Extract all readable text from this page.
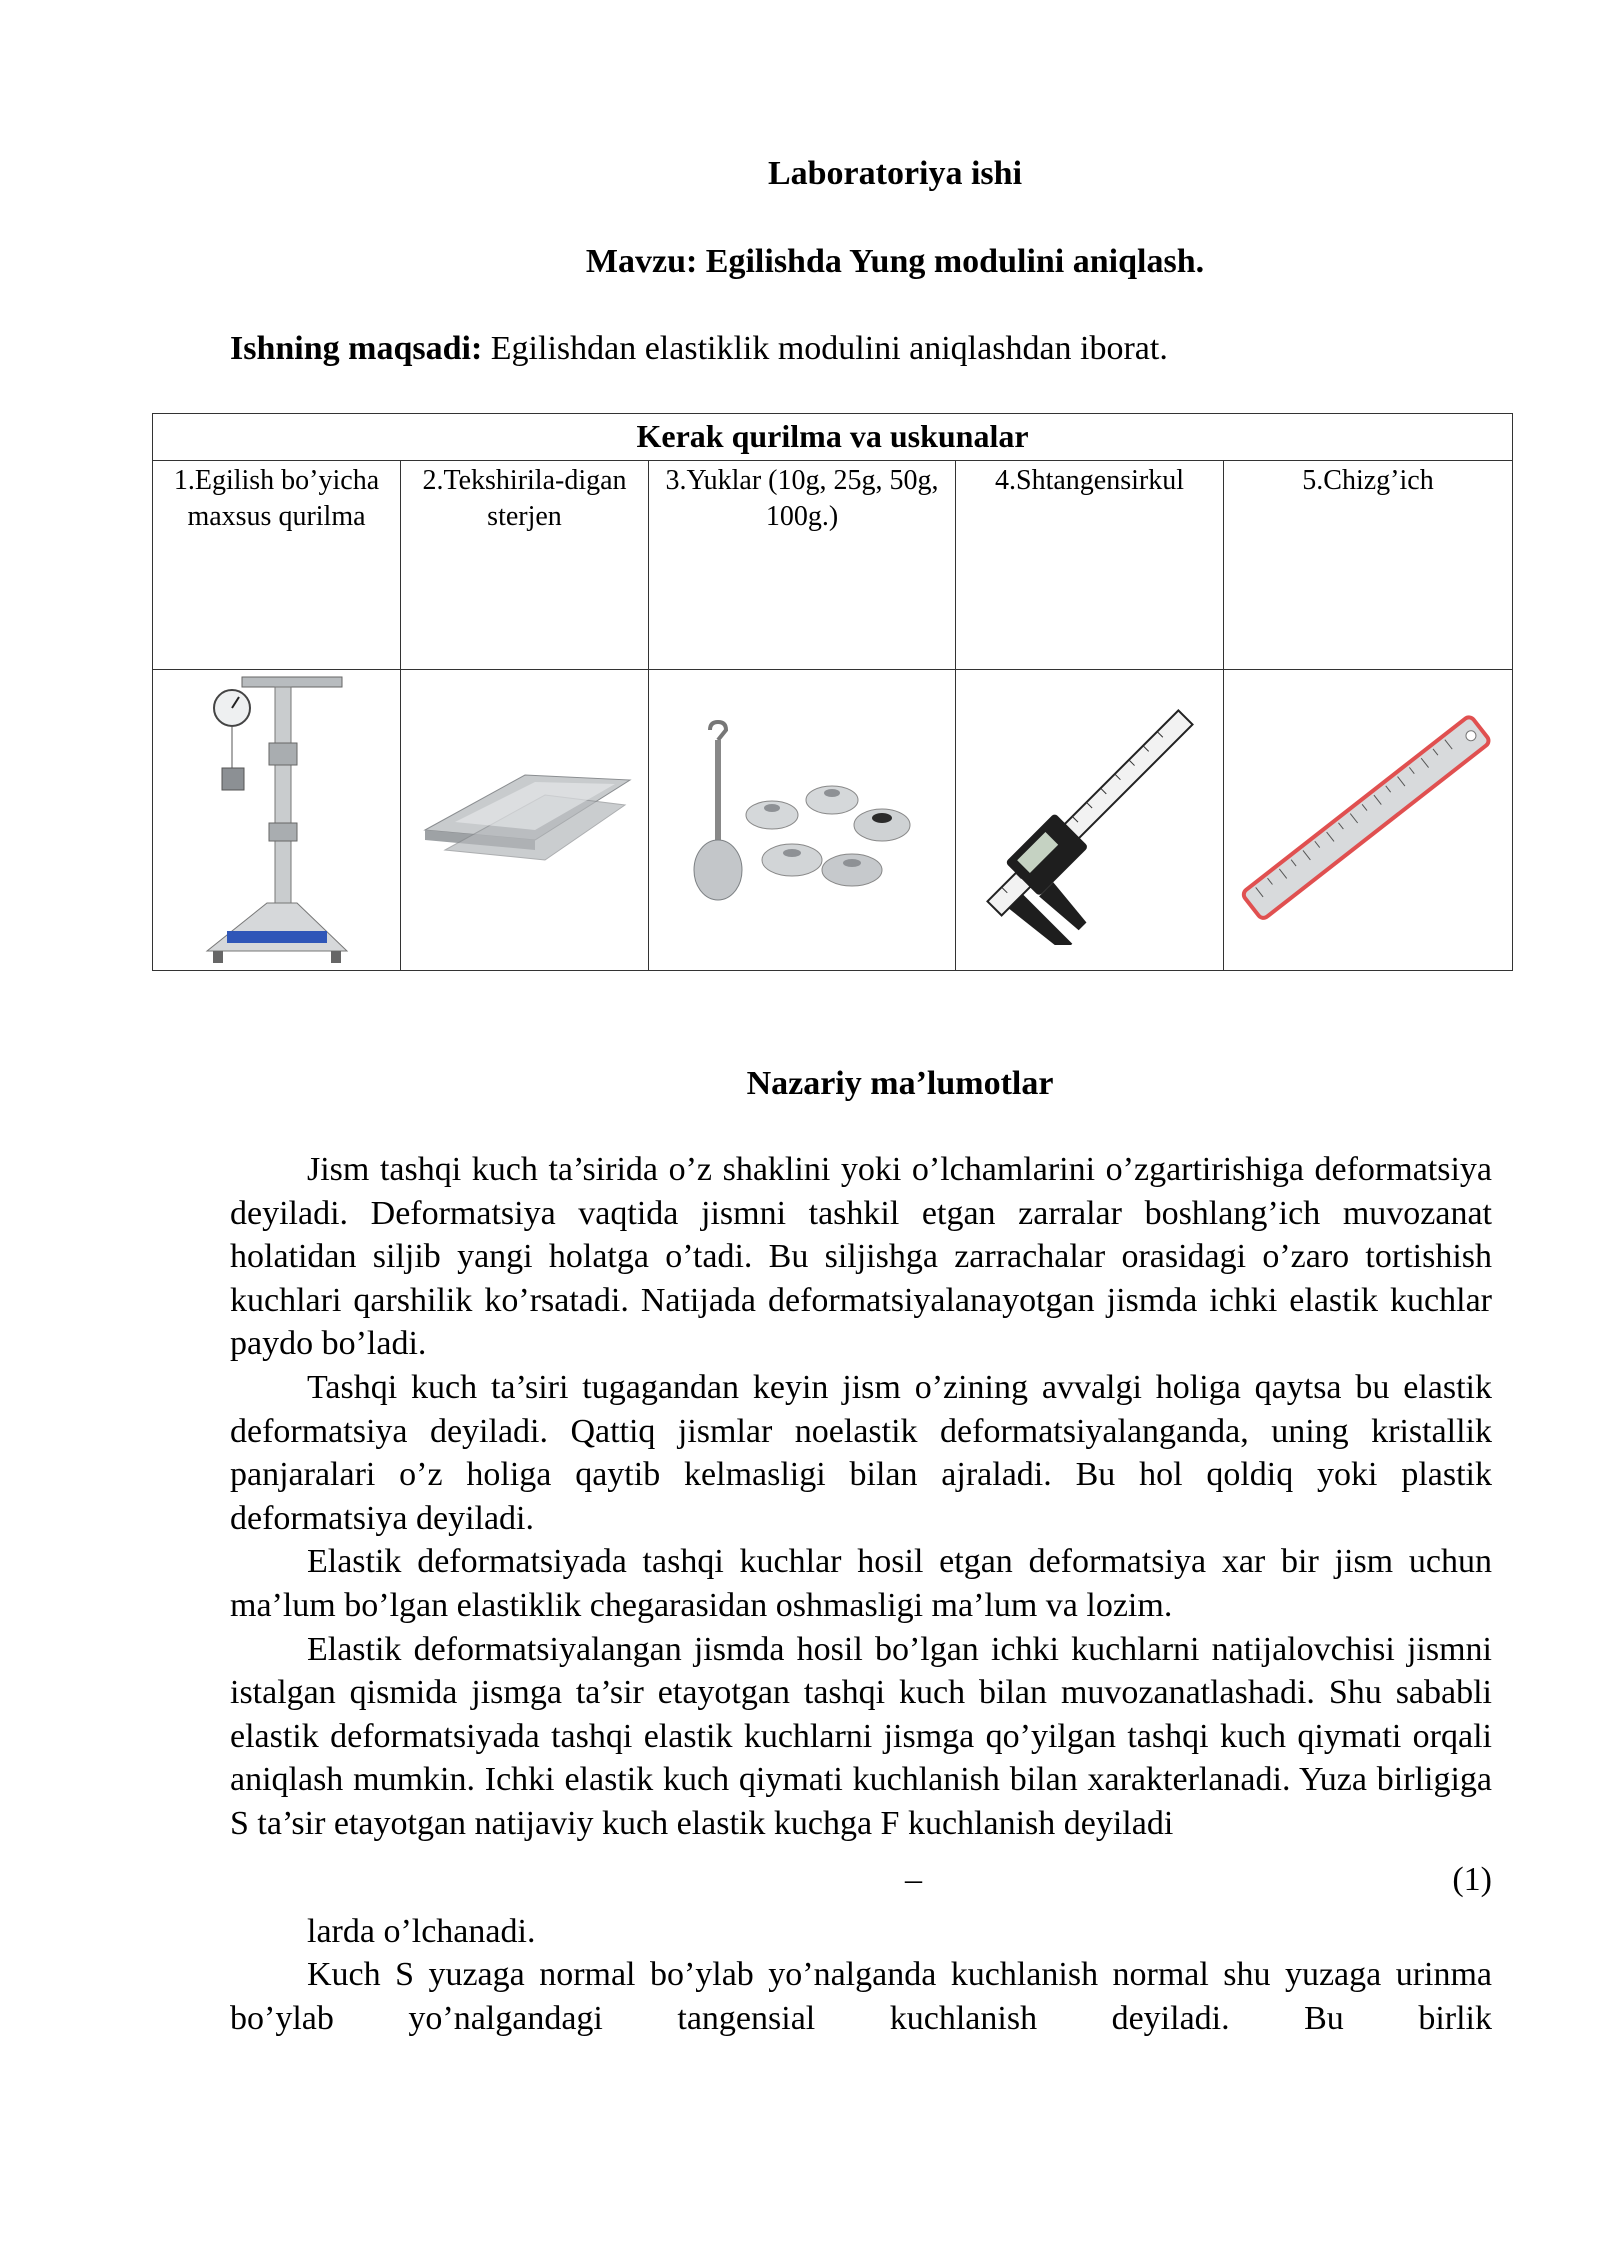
Laboratoriya ishi
Mavzu: Egilishda Yung modulini aniqlash.
Ishning maqsadi: Egilishdan elastiklik modulini aniqlashdan iborat.
Kerak qurilma va uskunalar				
1.Egilish bo’yicha maxsus qurilma	2.Tekshirila-digan sterjen	3.Yuklar (10g, 25g, 50g, 100g.)	4.Shtangensirkul	5.Chizg’ich

Nazariy ma’lumotlar

Jism tashqi kuch ta’sirida o’z shaklini yoki o’lchamlarini o’zgartirishiga deformatsiya deyiladi. Deformatsiya vaqtida jismni tashkil etgan zarralar boshlang’ich muvozanat holatidan siljib yangi holatga o’tadi. Bu siljishga zarrachalar orasidagi o’zaro tortishish kuchlari qarshilik ko’rsatadi. Natijada deformatsiyalanayotgan jismda ichki elastik kuchlar paydo bo’ladi.

Tashqi kuch ta’siri tugagandan keyin jism o’zining avvalgi holiga qaytsa bu elastik deformatsiya deyiladi. Qattiq jismlar noelastik deformatsiyalanganda, uning kristallik panjaralari o’z holiga qaytib kelmasligi bilan ajraladi. Bu hol qoldiq yoki plastik deformatsiya deyiladi.

Elastik deformatsiyada tashqi kuchlar hosil etgan deformatsiya xar bir jism uchun ma’lum bo’lgan elastiklik chegarasidan oshmasligi ma’lum va lozim.

Elastik deformatsiyalangan jismda hosil bo’lgan ichki kuchlarni natijalovchisi jismni istalgan qismida jismga ta’sir etayotgan tashqi kuch bilan muvozanatlashadi. Shu sababli elastik deformatsiyada tashqi elastik kuchlarni jismga qo’yilgan tashqi kuch qiymati orqali aniqlash mumkin. Ichki elastik kuch qiymati kuchlanish bilan xarakterlanadi. Yuza birligiga S ta’sir etayotgan natijaviy kuch elastik kuchga F kuchlanish deyiladi

–	(1)

larda o’lchanadi.

Kuch S yuzaga normal bo’ylab yo’nalganda kuchlanish normal shu yuzaga urinma bo’ylab yo’nalgandagi tangensial kuchlanish deyiladi. Bu birlik
